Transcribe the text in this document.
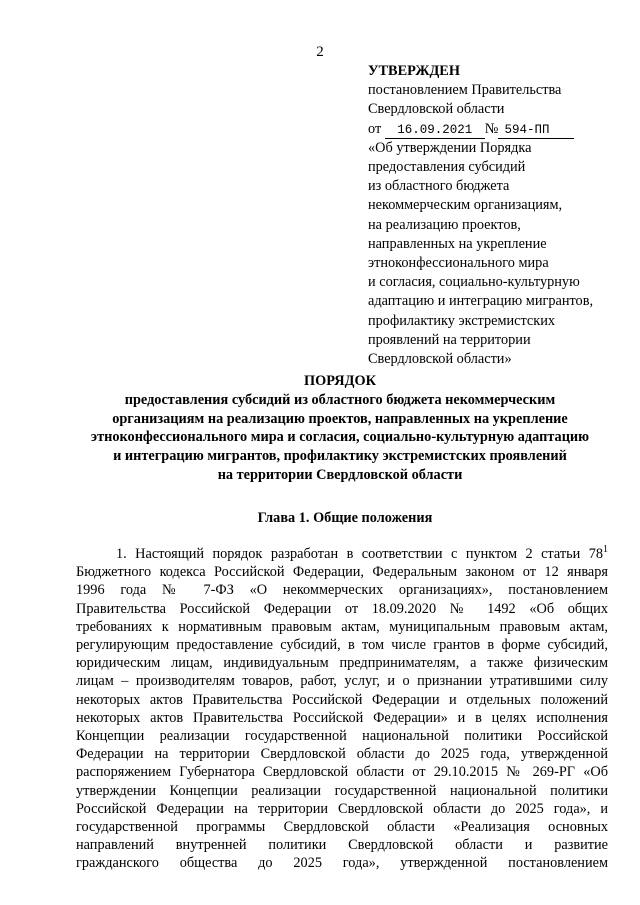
2
УТВЕРЖДЕН
постановлением Правительства
Свердловской области
от 16.09.2021 № 594-ПП
«Об утверждении Порядка
предоставления субсидий
из областного бюджета
некоммерческим организациям,
на реализацию проектов,
направленных на укрепление
этноконфессионального мира
и согласия, социально-культурную
адаптацию и интеграцию мигрантов,
профилактику экстремистских
проявлений на территории
Свердловской области»
ПОРЯДОК
предоставления субсидий из областного бюджета некоммерческим
организациям на реализацию проектов, направленных на укрепление
этноконфессионального мира и согласия, социально-культурную адаптацию
и интеграцию мигрантов, профилактику экстремистских проявлений
на территории Свердловской области
Глава 1. Общие положения
1. Настоящий порядок разработан в соответствии с пунктом 2 статьи $78^1$
Бюджетного кодекса Российской Федерации, Федеральным законом от 12 января
1996 года № 7-ФЗ «О некоммерческих организациях», постановлением
Правительства Российской Федерации от 18.09.2020 № 1492 «Об общих
требованиях к нормативным правовым актам, муниципальным правовым актам,
регулирующим предоставление субсидий, в том числе грантов в форме субсидий,
юридическим лицам, индивидуальным предпринимателям, а также физическим
лицам – производителям товаров, работ, услуг, и о признании утратившими силу
некоторых актов Правительства Российской Федерации и отдельных положений
некоторых актов Правительства Российской Федерации» и в целях исполнения
Концепции реализации государственной национальной политики Российской
Федерации на территории Свердловской области до 2025 года, утвержденной
распоряжением Губернатора Свердловской области от 29.10.2015 № 269-РГ «Об
утверждении Концепции реализации государственной национальной политики
Российской Федерации на территории Свердловской области до 2025 года», и
государственной программы Свердловской области «Реализация основных
направлений внутренней политики Свердловской области и развитие
гражданского общества до 2025 года», утвержденной постановлением
